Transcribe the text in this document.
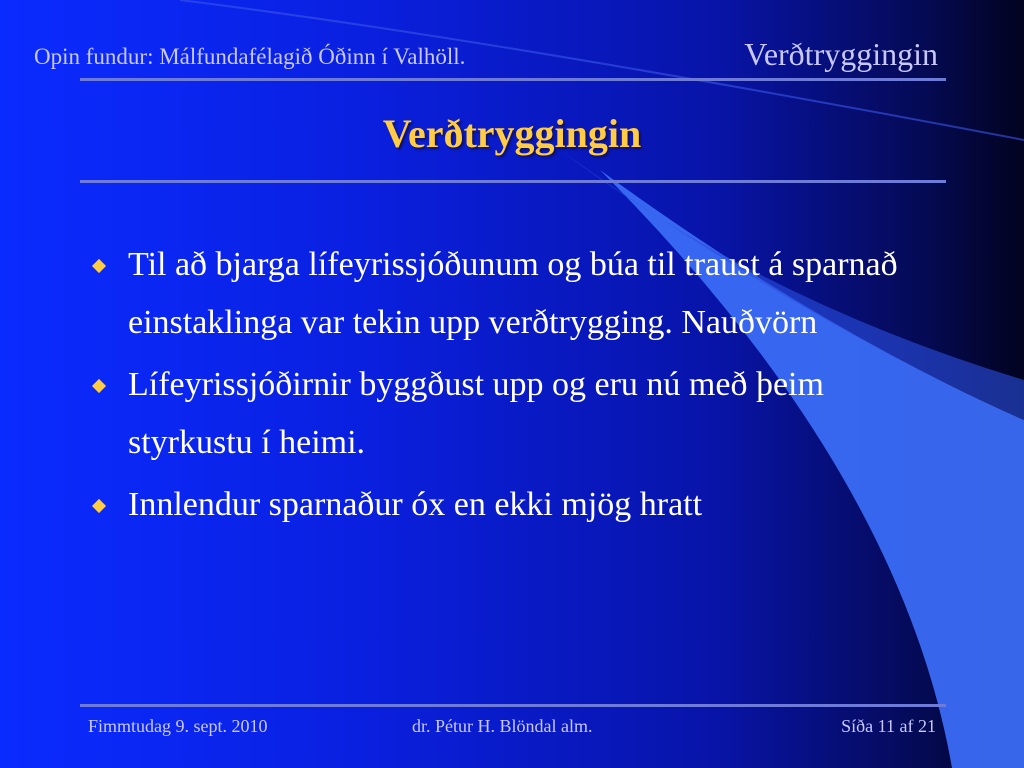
Opin fundur: Málfundafélagið Óðinn í Valhöll.	Verðtryggingin
Verðtryggingin
Til að bjarga lífeyrissjóðunum og búa til traust á sparnað einstaklinga var tekin upp verðtrygging. Nauðvörn
Lífeyrissjóðirnir byggðust upp og eru nú með þeim styrkustu í heimi.
Innlendur sparnaður óx en ekki mjög hratt
Fimmtudag 9. sept. 2010	dr. Pétur H. Blöndal alm.	Síða 11 af 21
